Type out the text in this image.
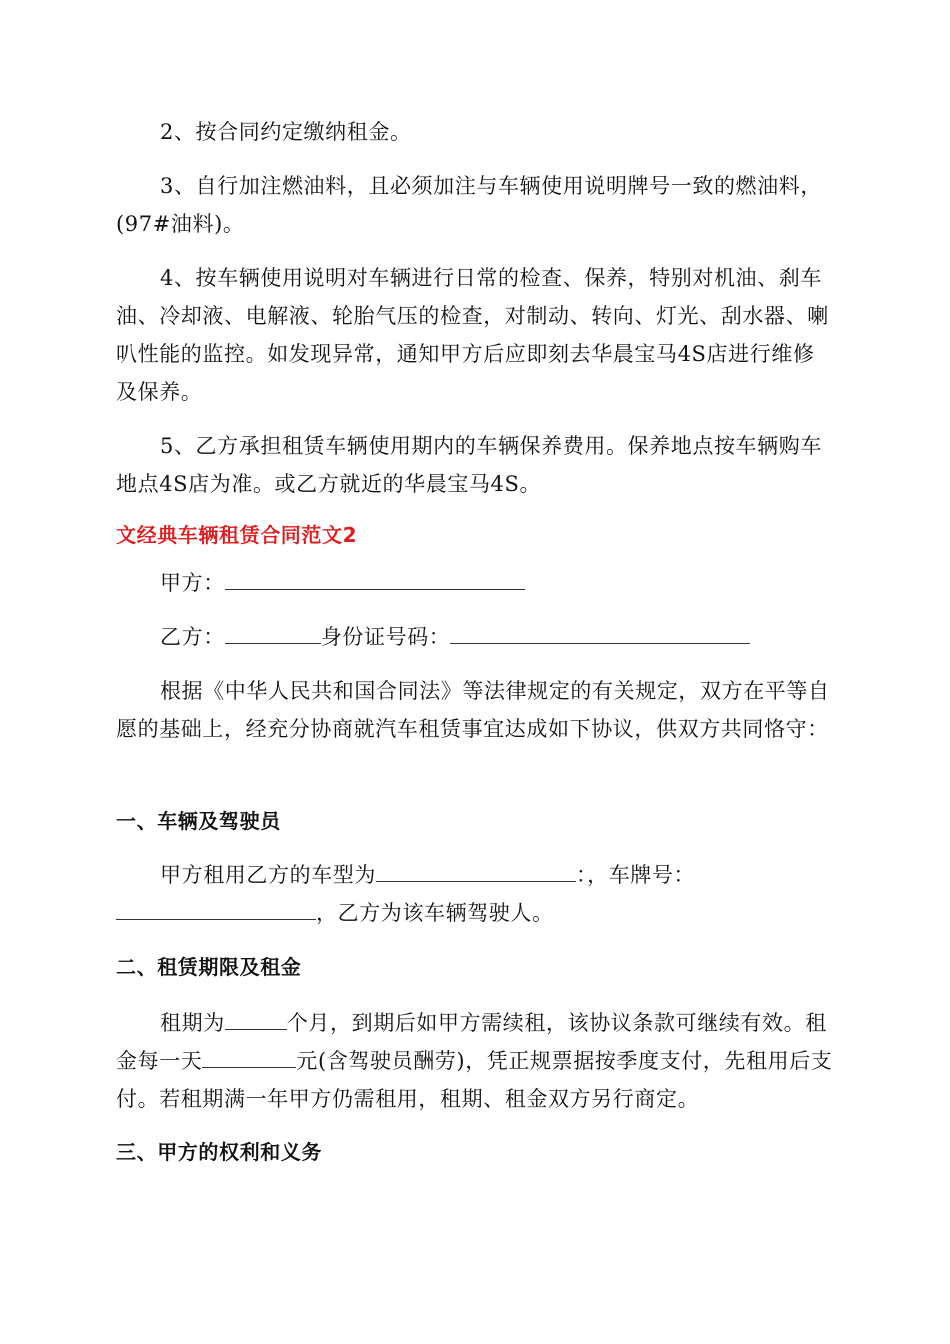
2、按合同约定缴纳租金。

3、自行加注燃油料，且必须加注与车辆使用说明牌号一致的燃油料，(97#油料)。

4、按车辆使用说明对车辆进行日常的检查、保养，特别对机油、刹车油、冷却液、电解液、轮胎气压的检查，对制动、转向、灯光、刮水器、喇叭性能的监控。如发现异常，通知甲方后应即刻去华晨宝马4S店进行维修及保养。

5、乙方承担租赁车辆使用期内的车辆保养费用。保养地点按车辆购车地点4S店为准。或乙方就近的华晨宝马4S。

文经典车辆租赁合同范文2

甲方：

乙方：	身份证号码：

根据《中华人民共和国合同法》等法律规定的有关规定，双方在平等自愿的基础上，经充分协商就汽车租赁事宜达成如下协议，供双方共同恪守：

一、车辆及驾驶员

甲方租用乙方的车型为	：，车牌号：，乙方为该车辆驾驶人。

二、租赁期限及租金

租期为	个月，到期后如甲方需续租，该协议条款可继续有效。租金每一天	元(含驾驶员酬劳)，凭正规票据按季度支付，先租用后支付。若租期满一年甲方仍需租用，租期、租金双方另行商定。

三、甲方的权利和义务
